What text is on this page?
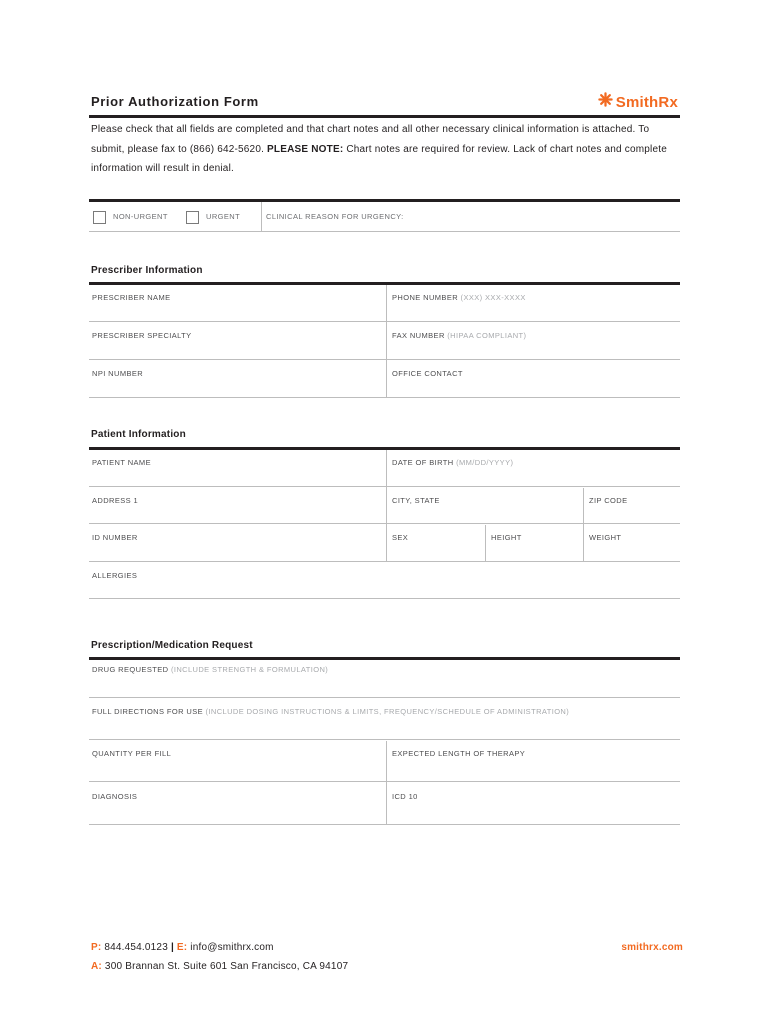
Prior Authorization Form	SmithRx
Please check that all fields are completed and that chart notes and all other necessary clinical information is attached. To submit, please fax to (866) 642-5620. PLEASE NOTE: Chart notes are required for review. Lack of chart notes and complete information will result in denial.
NON-URGENT	URGENT	CLINICAL REASON FOR URGENCY:
Prescriber Information
PRESCRIBER NAME	PHONE NUMBER (XXX) XXX-XXXX
PRESCRIBER SPECIALTY	FAX NUMBER (HIPAA COMPLIANT)
NPI NUMBER	OFFICE CONTACT
Patient Information
PATIENT NAME	DATE OF BIRTH (MM/DD/YYYY)
ADDRESS 1	CITY, STATE	ZIP CODE
ID NUMBER	SEX	HEIGHT	WEIGHT
ALLERGIES
Prescription/Medication Request
DRUG REQUESTED (INCLUDE STRENGTH & FORMULATION)
FULL DIRECTIONS FOR USE (INCLUDE DOSING INSTRUCTIONS & LIMITS, FREQUENCY/SCHEDULE OF ADMINISTRATION)
QUANTITY PER FILL	EXPECTED LENGTH OF THERAPY
DIAGNOSIS	ICD 10
P: 844.454.0123 | E: info@smithrx.com
A: 300 Brannan St. Suite 601 San Francisco, CA 94107
smithrx.com
